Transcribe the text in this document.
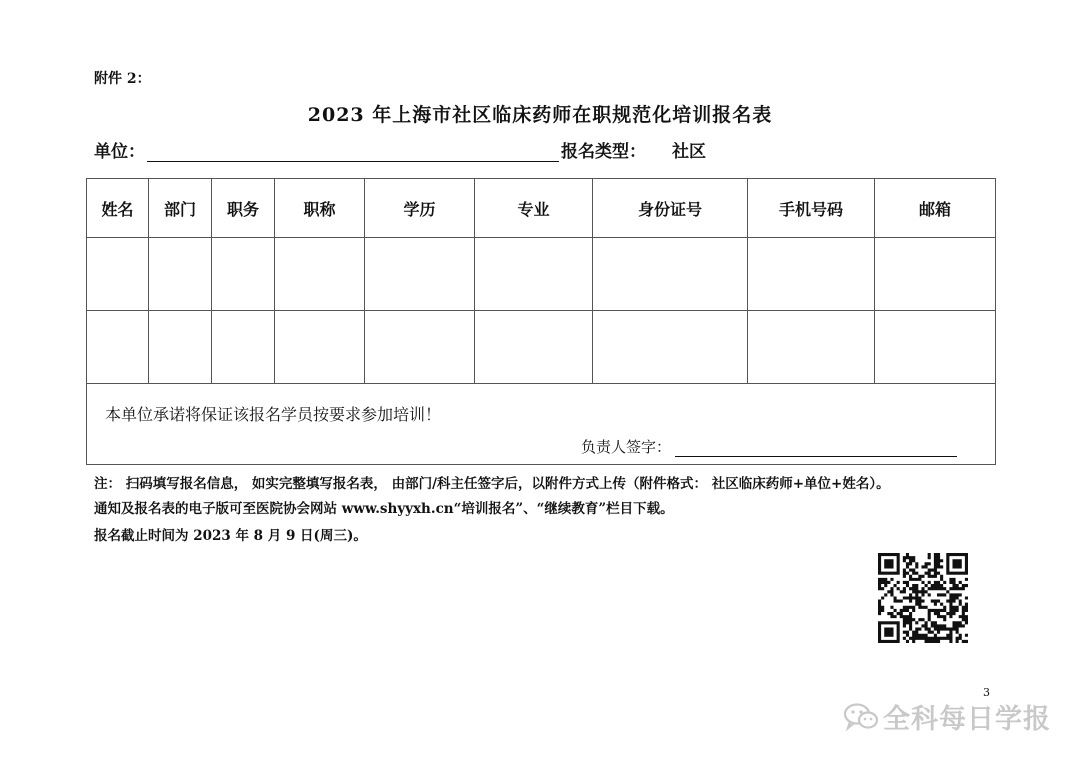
附件 2：
2023 年上海市社区临床药师在职规范化培训报名表
单位：	报名类型： 社区
姓名	部门	职务	职称	学历	专业	身份证号	手机号码	邮箱

本单位承诺将保证该报名学员按要求参加培训！
负责人签字：								
注： 扫码填写报名信息， 如实完整填写报名表， 由部门/科主任签字后，以附件方式上传（附件格式： 社区临床药师+单位+姓名）。
通知及报名表的电子版可至医院协会网站 www.shyyxh.cn“培训报名”、“继续教育”栏目下载。
报名截止时间为 2023 年 8 月 9 日(周三)。
3
全科每日学报
